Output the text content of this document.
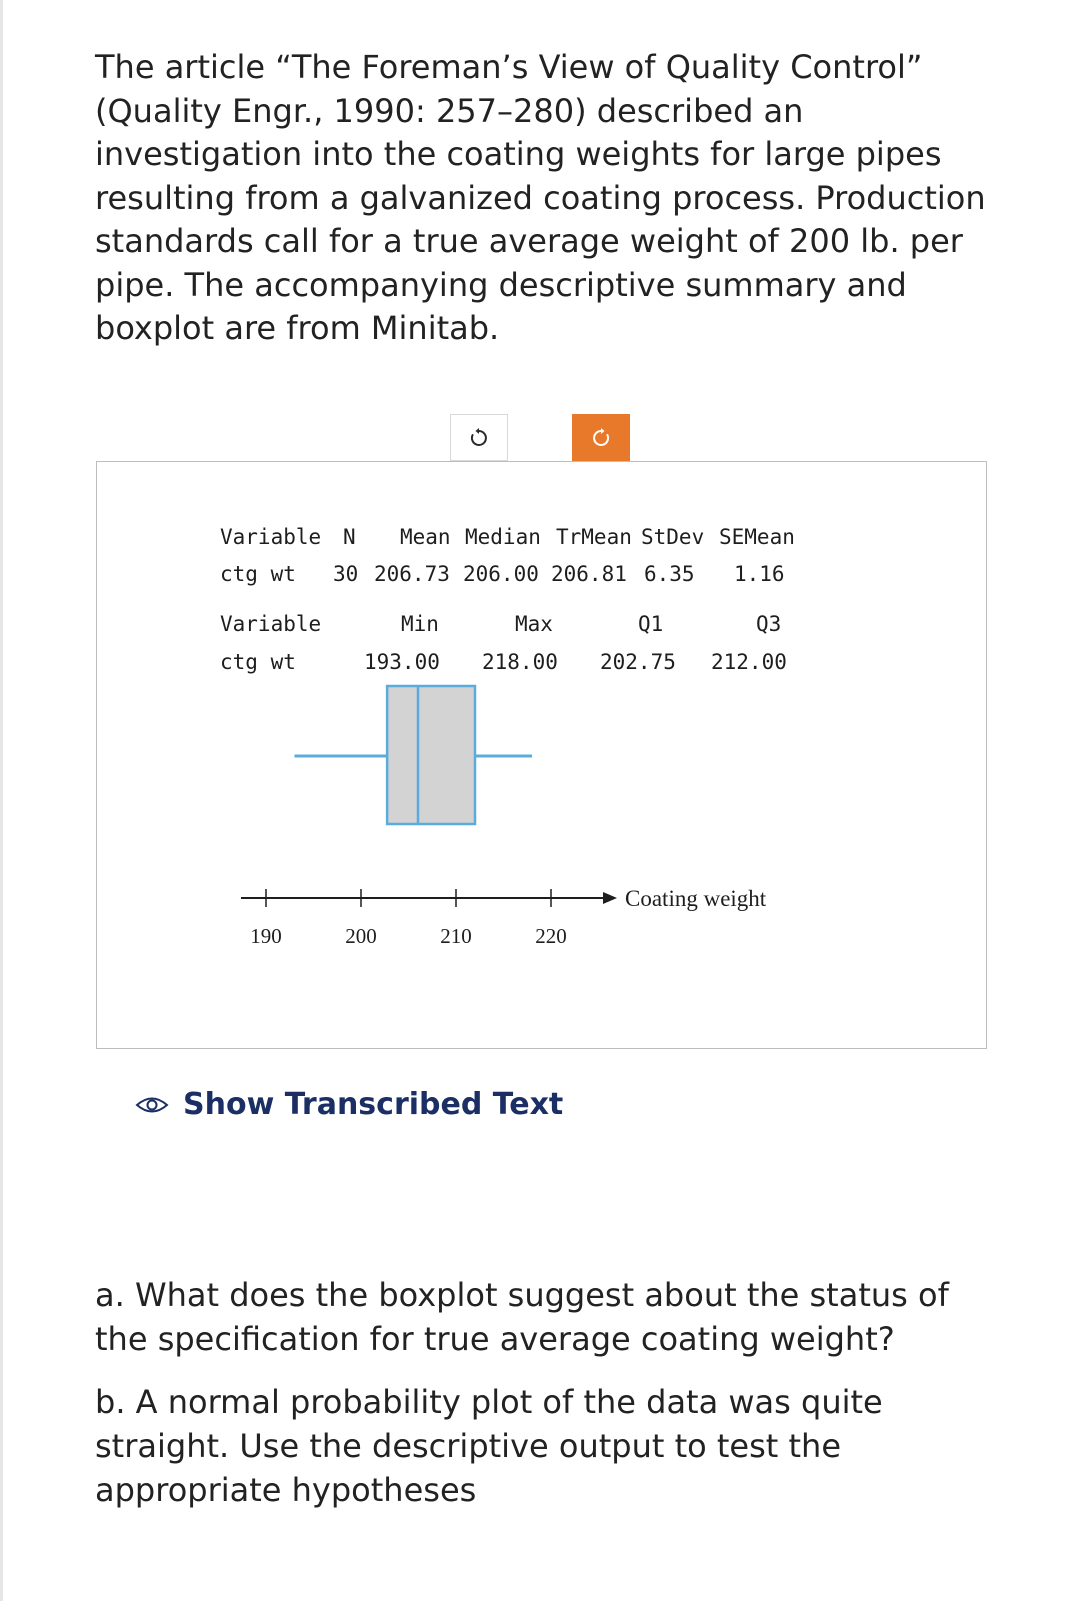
The article “The Foreman’s View of Quality Control” (Quality Engr., 1990: 257–280) described an investigation into the coating weights for large pipes resulting from a galvanized coating process. Production standards call for a true average weight of 200 lb. per pipe. The accompanying descriptive summary and boxplot are from Minitab.

Variable N Mean Median TrMean StDev SEMean
ctg wt 30 206.73 206.00 206.81 6.35 1.16
Variable	Min	Max	Q1	Q3
ctg wt	193.00 218.00 202.75 212.00
190	200	210	220
Coating weight
Show Transcribed Text

a. What does the boxplot suggest about the status of the specification for true average coating weight?

b. A normal probability plot of the data was quite straight. Use the descriptive output to test the appropriate hypotheses
